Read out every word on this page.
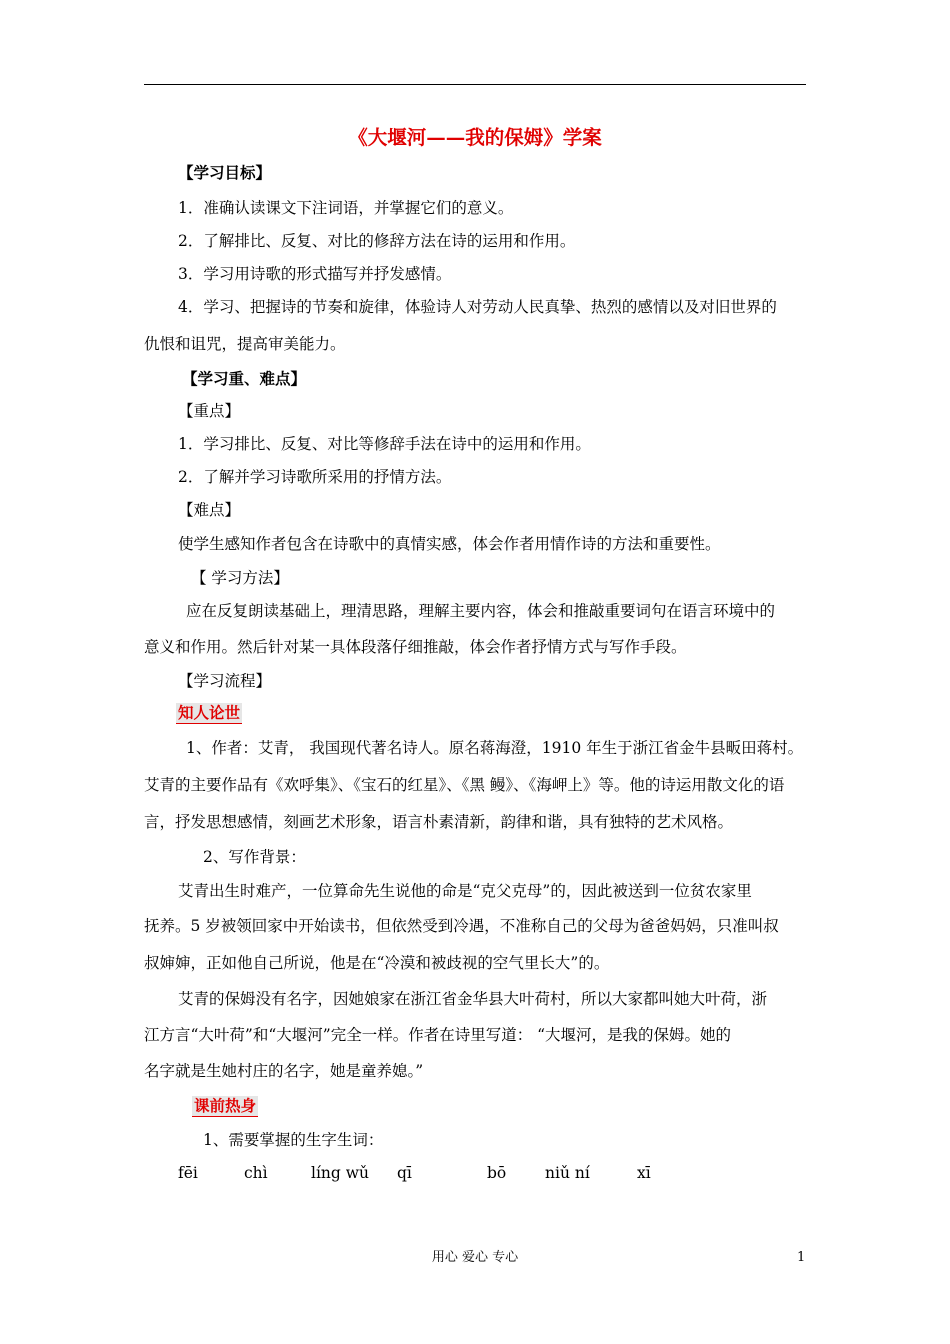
《大堰河——我的保姆》学案
【学习目标】
1．准确认读课文下注词语，并掌握它们的意义。
2．了解排比、反复、对比的修辞方法在诗的运用和作用。
3．学习用诗歌的形式描写并抒发感情。
4．学习、把握诗的节奏和旋律，体验诗人对劳动人民真挚、热烈的感情以及对旧世界的
仇恨和诅咒，提高审美能力。
【学习重、难点】
【重点】
1．学习排比、反复、对比等修辞手法在诗中的运用和作用。
2．了解并学习诗歌所采用的抒情方法。
【难点】
使学生感知作者包含在诗歌中的真情实感，体会作者用情作诗的方法和重要性。
【 学习方法】
应在反复朗读基础上，理清思路，理解主要内容，体会和推敲重要词句在语言环境中的
意义和作用。然后针对某一具体段落仔细推敲，体会作者抒情方式与写作手段。
【学习流程】
知人论世
1、作者：艾青， 我国现代著名诗人。原名蒋海澄，1910 年生于浙江省金牛县畈田蒋村。
艾青的主要作品有《欢呼集》、《宝石的红星》、《黑 鳗》、《海岬上》等。他的诗运用散文化的语
言，抒发思想感情，刻画艺术形象，语言朴素清新，韵律和谐，具有独特的艺术风格。
2、写作背景：
艾青出生时难产，一位算命先生说他的命是“克父克母”的，因此被送到一位贫农家里
抚养。5 岁被领回家中开始读书，但依然受到冷遇，不准称自己的父母为爸爸妈妈，只准叫叔
叔婶婶，正如他自己所说，他是在“冷漠和被歧视的空气里长大”的。
艾青的保姆没有名字，因她娘家在浙江省金华县大叶荷村，所以大家都叫她大叶荷，浙
江方言“大叶荷”和“大堰河”完全一样。作者在诗里写道： “大堰河，是我的保姆。她的
名字就是生她村庄的名字，她是童养媳。”
课前热身
1、需要掌握的生字生词：
fēi	chì	líng wǔ qī	bō niǔ ní	xī
用心 爱心 专心	1
